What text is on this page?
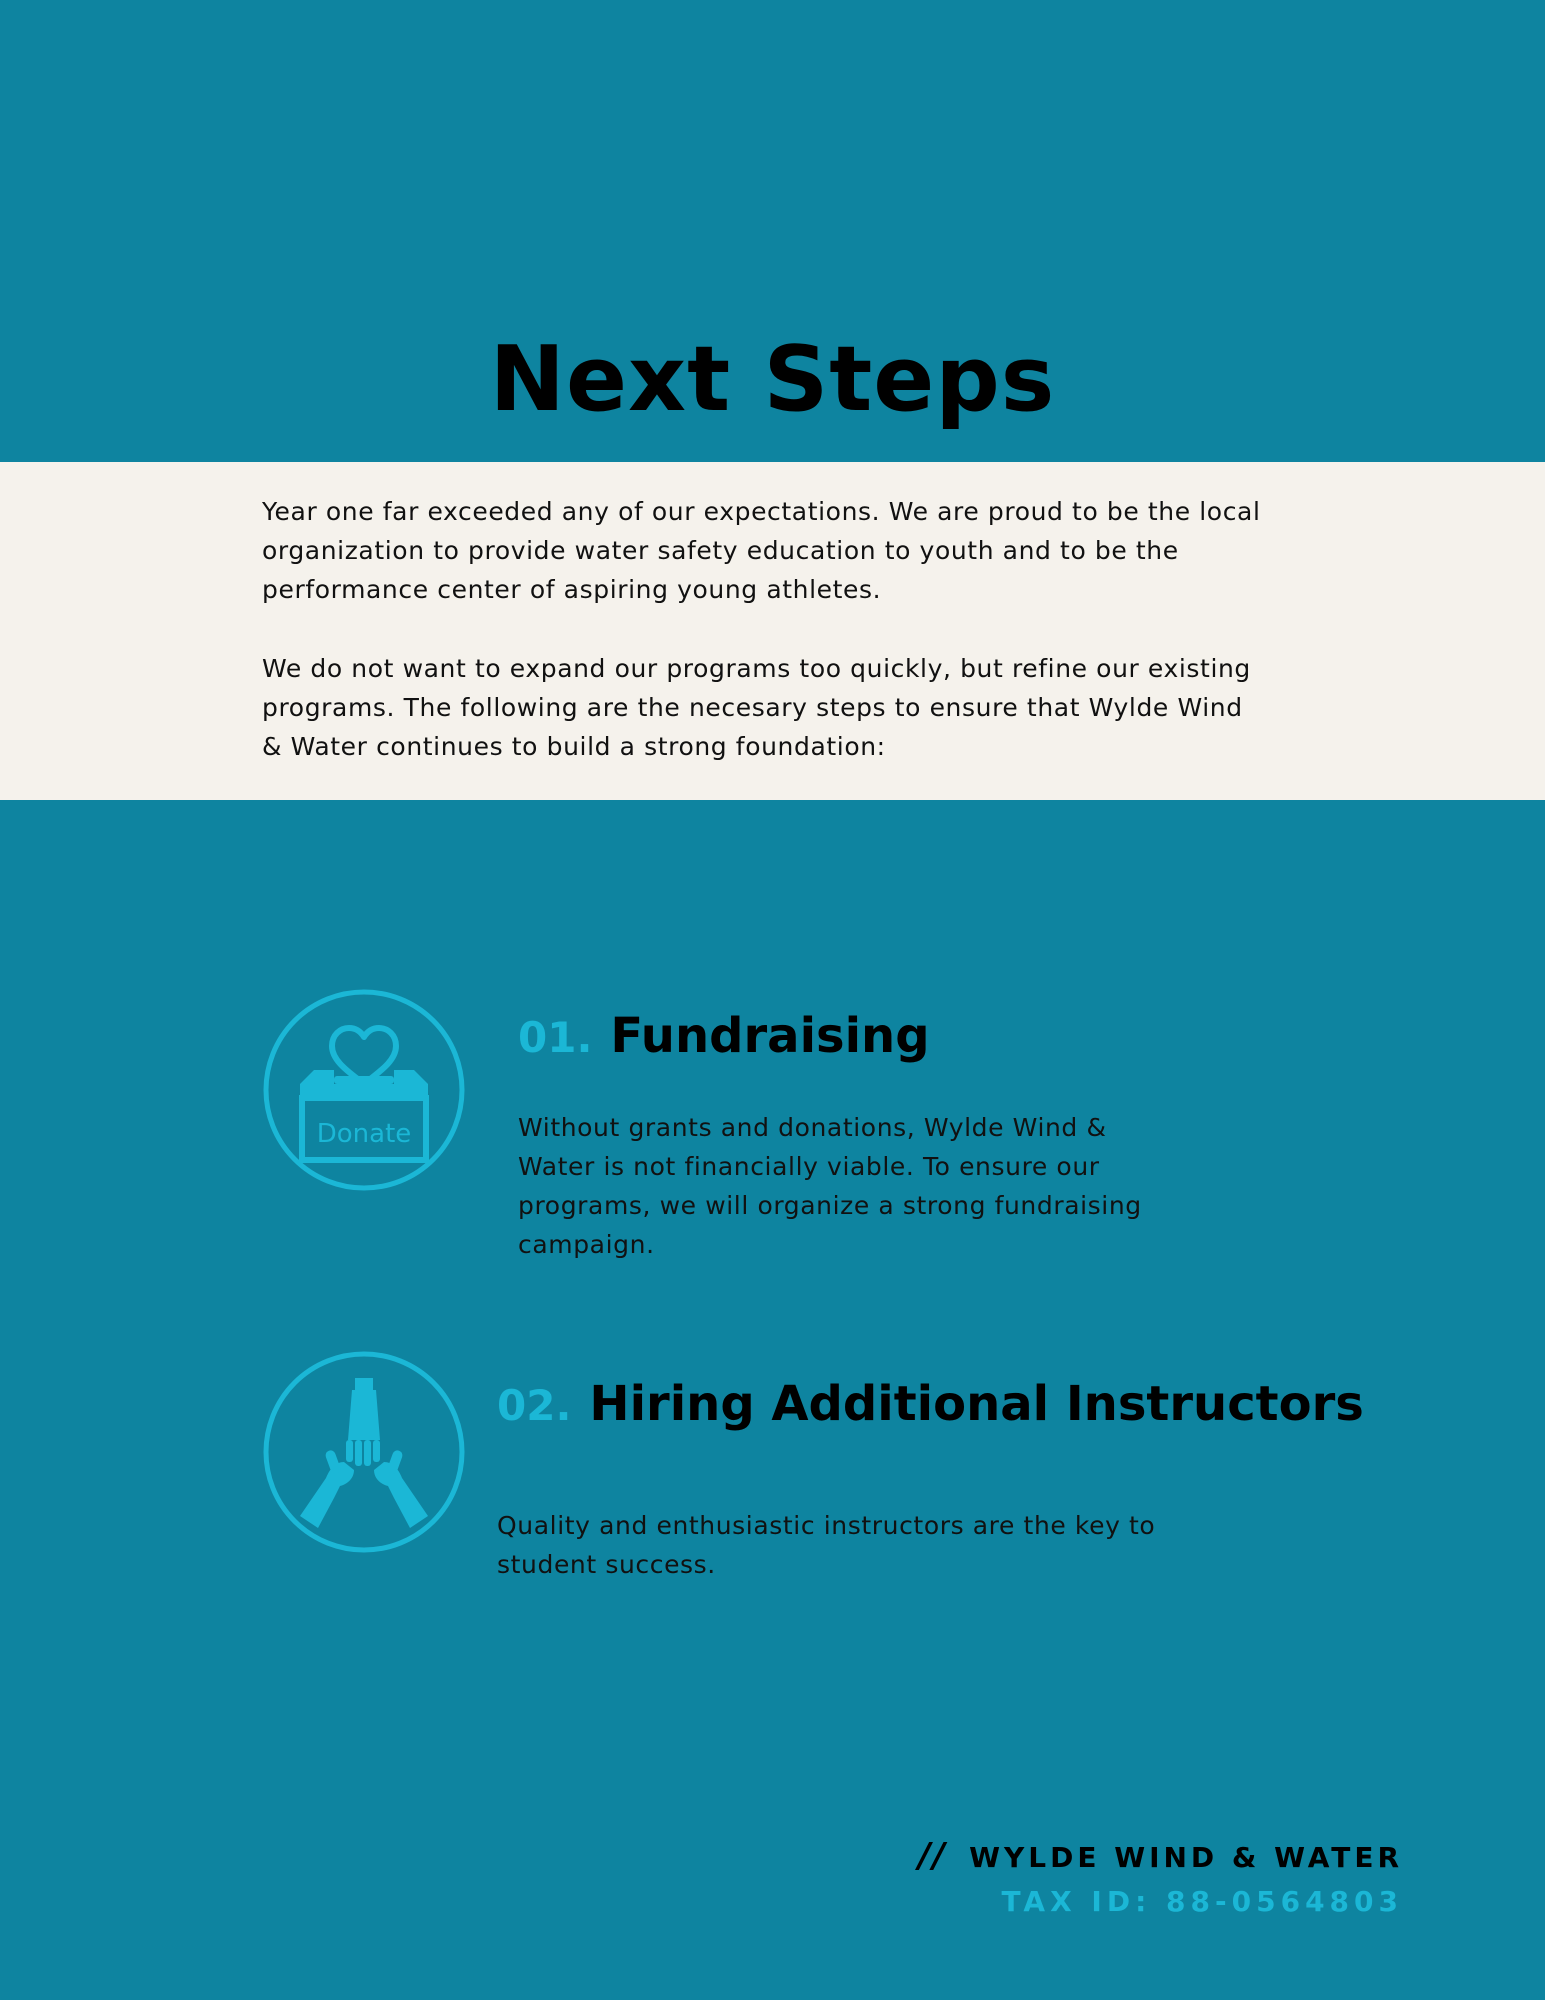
Next Steps

Year one far exceeded any of our expectations. We are proud to be the local organization to provide water safety education to youth and to be the performance center of aspiring young athletes.

We do not want to expand our programs too quickly, but refine our existing programs. The following are the necesary steps to ensure that Wylde Wind & Water continues to build a strong foundation:

Donate
01. Fundraising

Without grants and donations, Wylde Wind & Water is not financially viable. To ensure our programs, we will organize a strong fundraising campaign.

02. Hiring Additional Instructors

Quality and enthusiastic instructors are the key to student success.

// WYLDE WIND & WATER
TAX ID: 88-0564803
